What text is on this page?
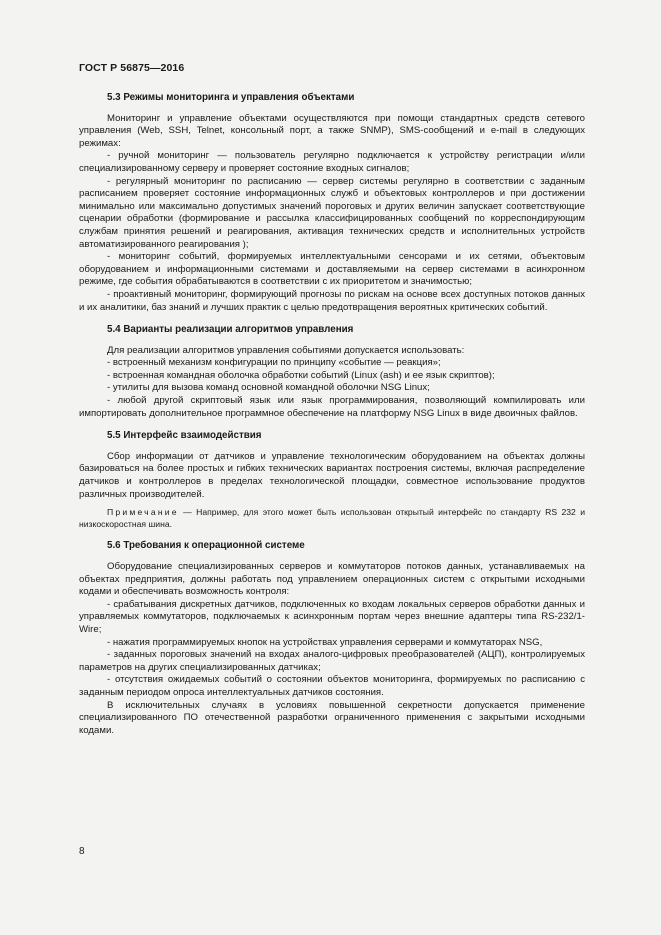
ГОСТ Р 56875—2016

5.3 Режимы мониторинга и управления объектами

Мониторинг и управление объектами осуществляются при помощи стандартных средств сетевого управления (Web, SSH, Telnet, консольный порт, а также SNMP), SMS-сообщений и e-mail в следующих режимах:

- ручной мониторинг — пользователь регулярно подключается к устройству регистрации и/или специализированному серверу и проверяет состояние входных сигналов;

- регулярный мониторинг по расписанию — сервер системы регулярно в соответствии с заданным расписанием проверяет состояние информационных служб и объектовых контроллеров и при достижении минимально или максимально допустимых значений пороговых и других величин запускает соответствующие сценарии обработки (формирование и рассылка классифицированных сообщений по корреспондирующим службам принятия решений и реагирования, активация технических средств и исполнительных устройств автоматизированного реагирования );

- мониторинг событий, формируемых интеллектуальными сенсорами и их сетями, объектовым оборудованием и информационными системами и доставляемыми на сервер системами в асинхронном режиме, где события обрабатываются в соответствии с их приоритетом и значимостью;

- проактивный мониторинг, формирующий прогнозы по рискам на основе всех доступных потоков данных и их аналитики, баз знаний и лучших практик с целью предотвращения вероятных критических событий.

5.4 Варианты реализации алгоритмов управления

Для реализации алгоритмов управления событиями допускается использовать:

- встроенный механизм конфигурации по принципу «событие — реакция»;

- встроенная командная оболочка обработки событий (Linux (ash) и ее язык скриптов);

- утилиты для вызова команд основной командной оболочки NSG Linux;

- любой другой скриптовый язык или язык программирования, позволяющий компилировать или импортировать дополнительное программное обеспечение на платформу NSG Linux в виде двоичных файлов.

5.5 Интерфейс взаимодействия

Сбор информации от датчиков и управление технологическим оборудованием на объектах должны базироваться на более простых и гибких технических вариантах построения системы, включая распределение датчиков и контроллеров в пределах технологической площадки, совместное использование продуктов различных производителей.

Примечание — Например, для этого может быть использован открытый интерфейс по стандарту RS 232 и низкоскоростная шина.

5.6 Требования к операционной системе

Оборудование специализированных серверов и коммутаторов потоков данных, устанавливаемых на объектах предприятия, должны работать под управлением операционных систем с открытыми исходными кодами и обеспечивать возможность контроля:

- срабатывания дискретных датчиков, подключенных ко входам локальных серверов обработки данных и управляемых коммутаторов, подключаемых к асинхронным портам через внешние адаптеры типа RS-232/1-Wire;

- нажатия программируемых кнопок на устройствах управления серверами и коммутаторах NSG,

- заданных пороговых значений на входах аналого-цифровых преобразователей (АЦП), контролируемых параметров на других специализированных датчиках;

- отсутствия ожидаемых событий о состоянии объектов мониторинга, формируемых по расписанию с заданным периодом опроса интеллектуальных датчиков состояния.

В исключительных случаях в условиях повышенной секретности допускается применение специализированного ПО отечественной разработки ограниченного применения с закрытыми исходными кодами.

8
